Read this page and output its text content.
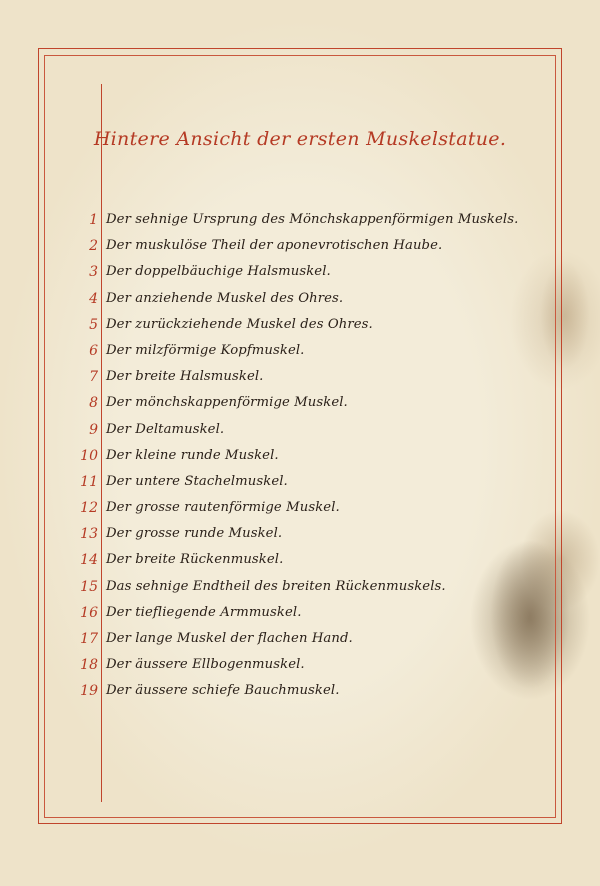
Hintere Ansicht der ersten Muskelstatue.
1 Der sehnige Ursprung des Mönchskappenförmigen Muskels.
2 Der muskulöse Theil der aponevrotischen Haube.
3 Der doppelbäuchige Halsmuskel.
4 Der anziehende Muskel des Ohres.
5 Der zurückziehende Muskel des Ohres.
6 Der milzförmige Kopfmuskel.
7 Der breite Halsmuskel.
8 Der mönchskappenförmige Muskel.
9 Der Deltamuskel.
10 Der kleine runde Muskel.
11 Der untere Stachelmuskel.
12 Der grosse rautenförmige Muskel.
13 Der grosse runde Muskel.
14 Der breite Rückenmuskel.
15 Das sehnige Endtheil des breiten Rückenmuskels.
16 Der tiefliegende Armmuskel.
17 Der lange Muskel der flachen Hand.
18 Der äussere Ellbogenmuskel.
19 Der äussere schiefe Bauchmuskel.
